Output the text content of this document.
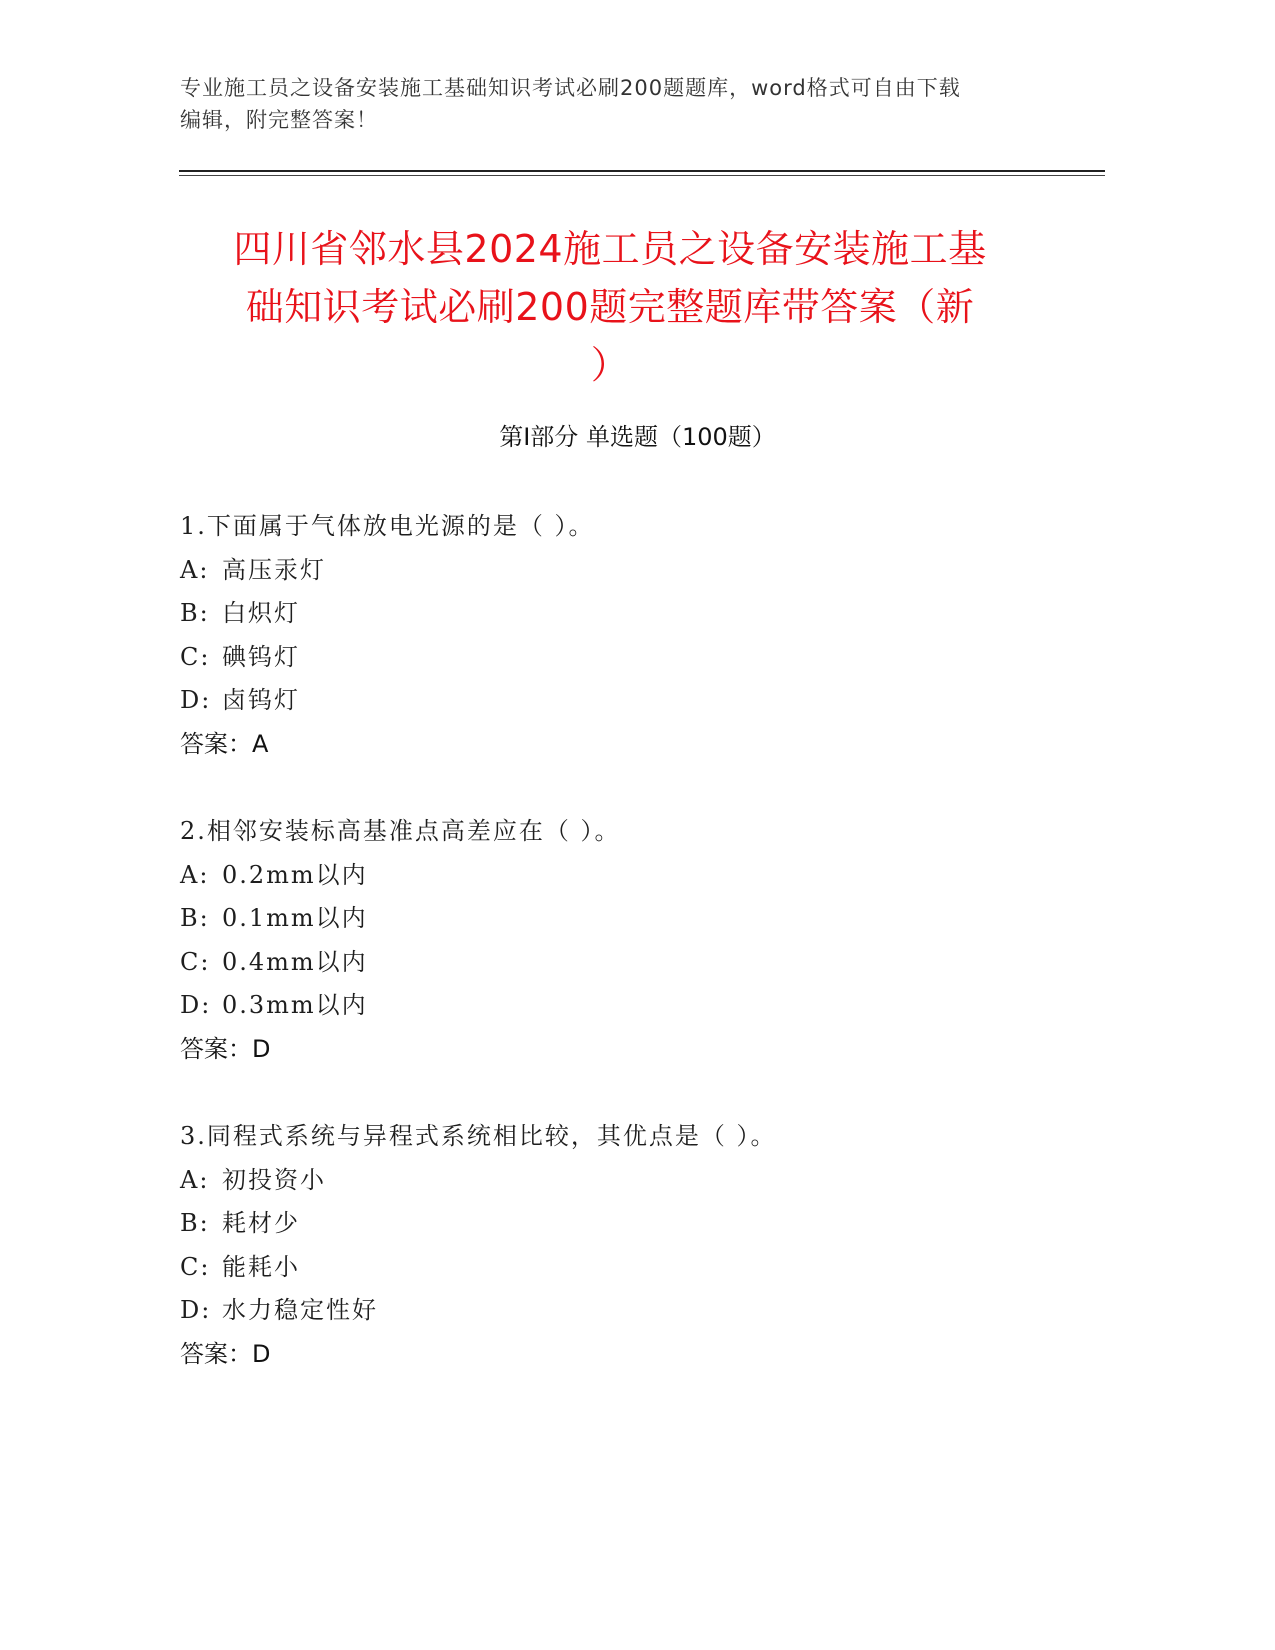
专业施工员之设备安装施工基础知识考试必刷200题题库，word格式可自由下载
编辑，附完整答案！
四川省邻水县2024施工员之设备安装施工基
础知识考试必刷200题完整题库带答案（新
）
第Ⅰ部分 单选题（100题）
1.下面属于气体放电光源的是（ ）。
A: 高压汞灯
B: 白炽灯
C: 碘钨灯
D: 卤钨灯
答案：A
2.相邻安装标高基准点高差应在（ ）。
A: 0.2mm以内
B: 0.1mm以内
C: 0.4mm以内
D: 0.3mm以内
答案：D
3.同程式系统与异程式系统相比较，其优点是（ ）。
A: 初投资小
B: 耗材少
C: 能耗小
D: 水力稳定性好
答案：D
